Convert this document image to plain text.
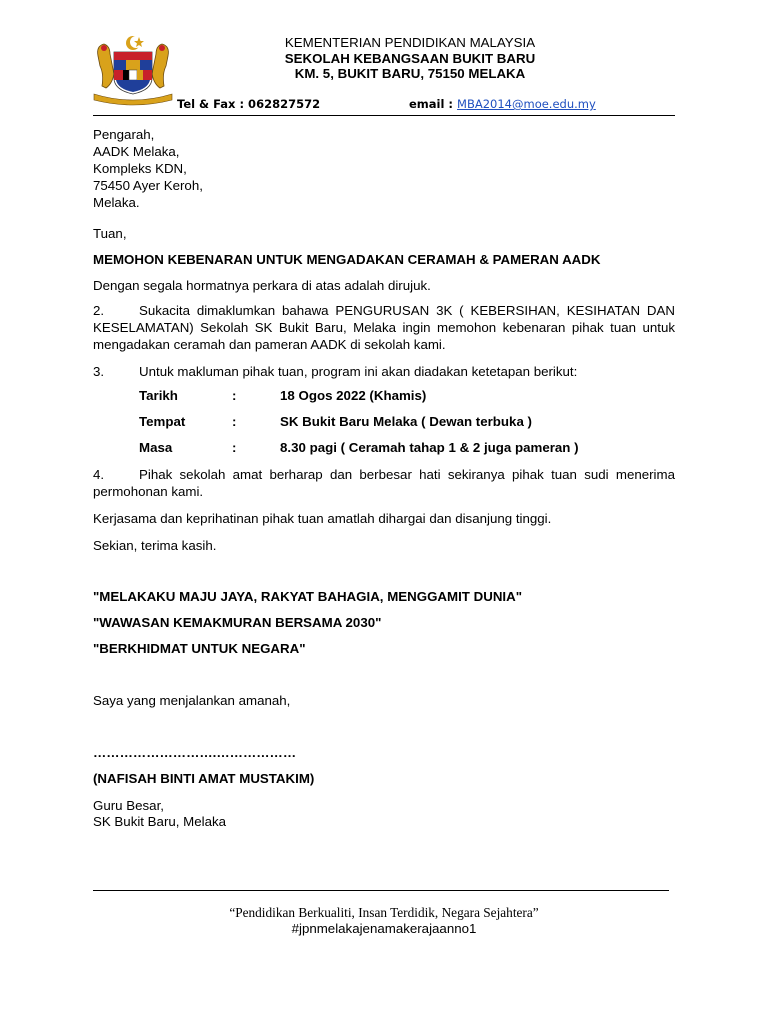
KEMENTERIAN PENDIDIKAN MALAYSIA
SEKOLAH KEBANGSAAN BUKIT BARU
KM. 5, BUKIT BARU, 75150 MELAKA
Tel & Fax : 062827572	email : MBA2014@moe.edu.my
Pengarah,
AADK Melaka,
Kompleks KDN,
75450 Ayer Keroh,
Melaka.
Tuan,
MEMOHON KEBENARAN UNTUK MENGADAKAN CERAMAH & PAMERAN AADK
Dengan segala hormatnya perkara di atas adalah dirujuk.
2.	Sukacita dimaklumkan bahawa PENGURUSAN 3K ( KEBERSIHAN, KESIHATAN DAN KESELAMATAN) Sekolah SK Bukit Baru, Melaka ingin memohon kebenaran pihak tuan untuk mengadakan ceramah dan pameran AADK di sekolah kami.
3.	Untuk makluman pihak tuan, program ini akan diadakan ketetapan berikut:
Tarikh	:	18 Ogos 2022 (Khamis)
Tempat	:	SK Bukit Baru Melaka ( Dewan terbuka )
Masa	:	8.30 pagi ( Ceramah tahap 1 & 2 juga pameran )
4.	Pihak sekolah amat berharap dan berbesar hati sekiranya pihak tuan sudi menerima permohonan kami.
Kerjasama dan keprihatinan pihak tuan amatlah dihargai dan disanjung tinggi.
Sekian, terima kasih.
"MELAKAKU MAJU JAYA, RAKYAT BAHAGIA, MENGGAMIT DUNIA"
"WAWASAN KEMAKMURAN BERSAMA 2030"
"BERKHIDMAT UNTUK NEGARA"
Saya yang menjalankan amanah,
……………………….………………
(NAFISAH BINTI AMAT MUSTAKIM)
Guru Besar,
SK Bukit Baru, Melaka
“Pendidikan Berkualiti, Insan Terdidik, Negara Sejahtera”
#jpnmelakajenamakerajaanno1
